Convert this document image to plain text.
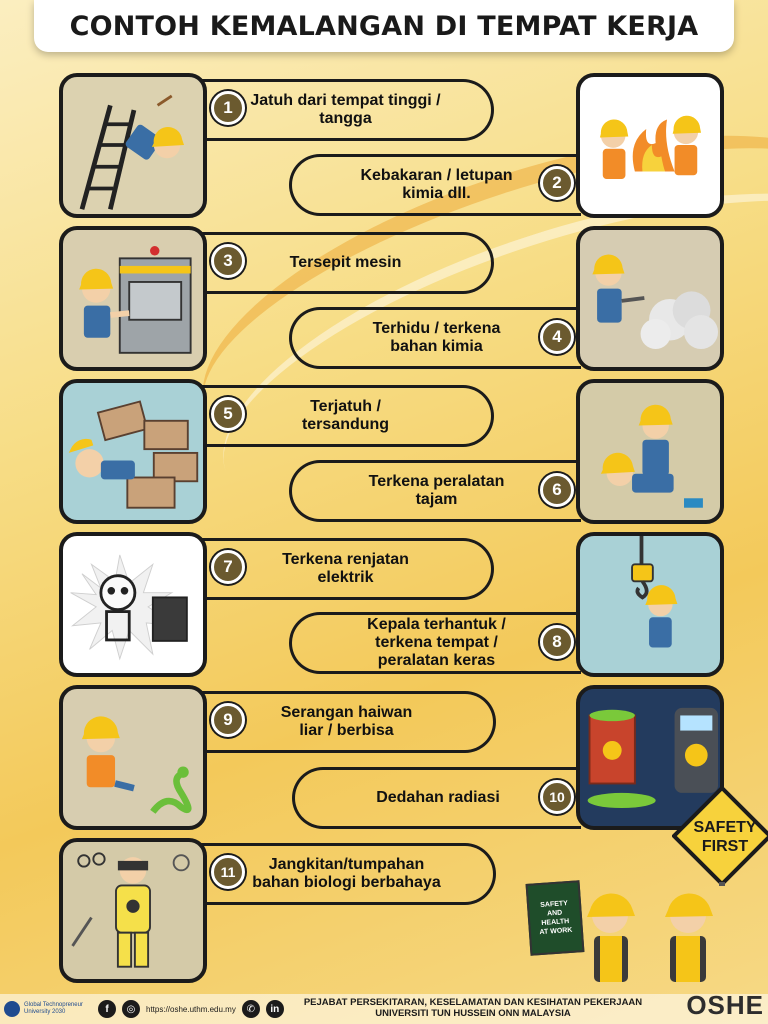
CONTOH KEMALANGAN DI TEMPAT KERJA
Jatuh dari tempat tinggi /
tangga
1
Kebakaran / letupan
kimia dll.
2
Tersepit mesin
3
Terhidu / terkena
bahan kimia
4
Terjatuh /
tersandung
5
Terkena peralatan
tajam
6
Terkena renjatan
elektrik
7
Kepala terhantuk /
terkena tempat /
peralatan keras
8
Serangan haiwan
liar / berbisa
9
Dedahan radiasi	10
Jangkitan/tumpahan
bahan biologi berbahaya
11
SAFETY
FIRST
SAFETY
AND
HEALTH
AT WORK
Global Technopreneur
University 2030	f	◎	https://oshe.uthm.edu.my	✆	in
PEJABAT PERSEKITARAN, KESELAMATAN DAN KESIHATAN PEKERJAAN
UNIVERSITI TUN HUSSEIN ONN MALAYSIA	OSHE
